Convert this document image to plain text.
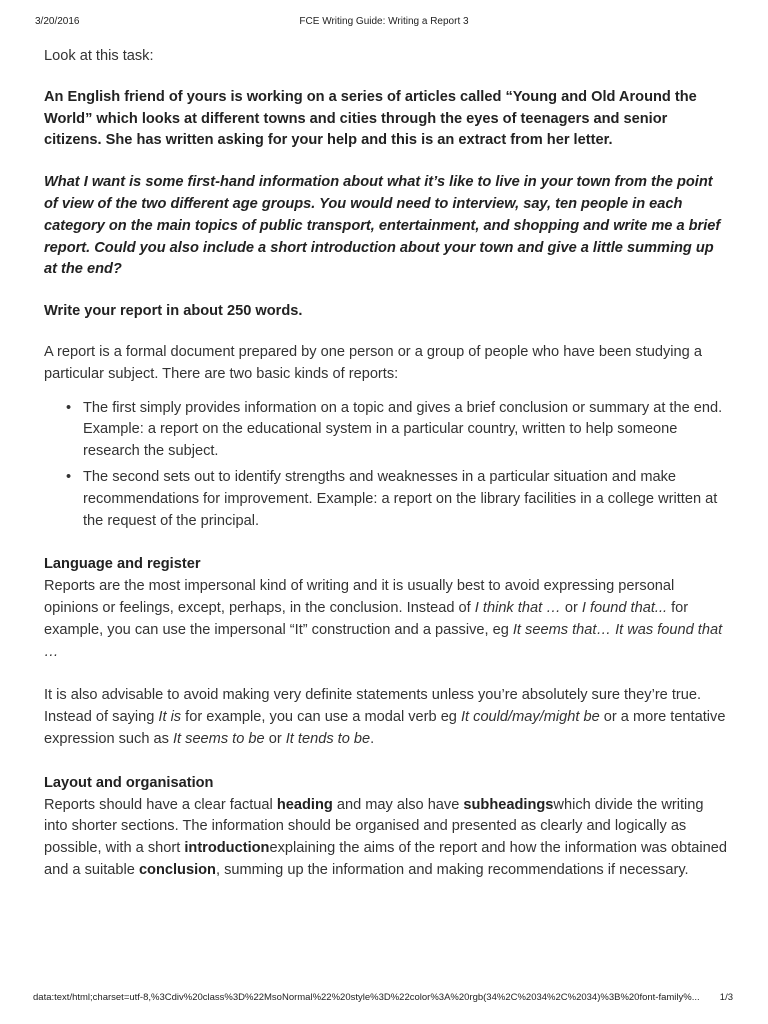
3/20/2016	FCE Writing Guide: Writing a Report 3

Look at this task:

An English friend of yours is working on a series of articles called “Young and Old Around the World” which looks at different towns and cities through the eyes of teenagers and senior citizens. She has written asking for your help and this is an extract from her letter.

What I want is some first-hand information about what it’s like to live in your town from the point of view of the two different age groups. You would need to interview, say, ten people in each category on the main topics of public transport, entertainment, and shopping and write me a brief report. Could you also include a short introduction about your town and give a little summing up at the end?

Write your report in about 250 words.

A report is a formal document prepared by one person or a group of people who have been studying a particular subject. There are two basic kinds of reports:

• The first simply provides information on a topic and gives a brief conclusion or summary at the end. Example: a report on the educational system in a particular country, written to help someone research the subject.
• The second sets out to identify strengths and weaknesses in a particular situation and make recommendations for improvement. Example: a report on the library facilities in a college written at the request of the principal.

Language and register

Reports are the most impersonal kind of writing and it is usually best to avoid expressing personal opinions or feelings, except, perhaps, in the conclusion. Instead of I think that … or I found that... for example, you can use the impersonal “It” construction and a passive, eg It seems that… It was found that …

It is also advisable to avoid making very definite statements unless you’re absolutely sure they’re true. Instead of saying It is for example, you can use a modal verb eg It could/may/might be or a more tentative expression such as It seems to be or It tends to be.

Layout and organisation

Reports should have a clear factual heading and may also have subheadingswhich divide the writing into shorter sections. The information should be organised and presented as clearly and logically as possible, with a short introductionexplaining the aims of the report and how the information was obtained and a suitable conclusion, summing up the information and making recommendations if necessary.

data:text/html;charset=utf-8,%3Cdiv%20class%3D%22MsoNormal%22%20style%3D%22color%3A%20rgb(34%2C%2034%2C%2034)%3B%20font-family%...	1/3
